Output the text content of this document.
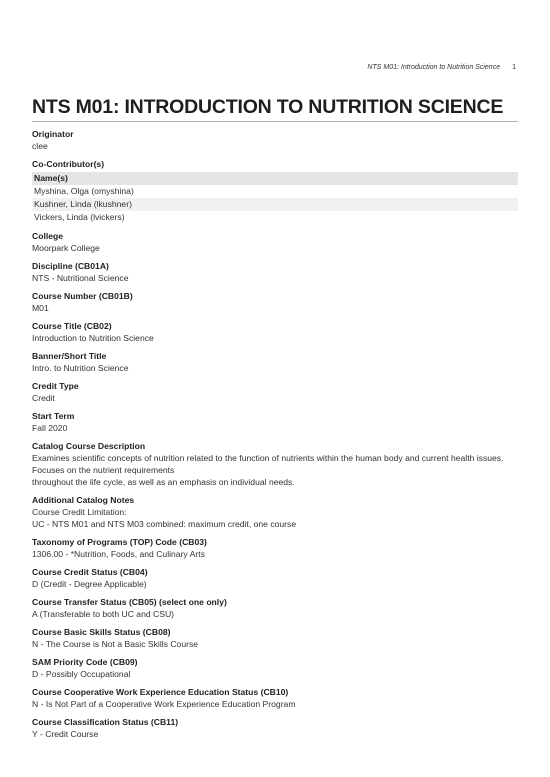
NTS M01: Introduction to Nutrition Science 1
NTS M01: INTRODUCTION TO NUTRITION SCIENCE
Originator
clee
Co-Contributor(s)
Name(s)
Myshina, Olga (omyshina)
Kushner, Linda (lkushner)
Vickers, Linda (lvickers)
College
Moorpark College
Discipline (CB01A)
NTS - Nutritional Science
Course Number (CB01B)
M01
Course Title (CB02)
Introduction to Nutrition Science
Banner/Short Title
Intro. to Nutrition Science
Credit Type
Credit
Start Term
Fall 2020
Catalog Course Description
Examines scientific concepts of nutrition related to the function of nutrients within the human body and current health issues.
Focuses on the nutrient requirements
throughout the life cycle, as well as an emphasis on individual needs.
Additional Catalog Notes
Course Credit Limitation:
UC - NTS M01 and NTS M03 combined: maximum credit, one course
Taxonomy of Programs (TOP) Code (CB03)
1306.00 - *Nutrition, Foods, and Culinary Arts
Course Credit Status (CB04)
D (Credit - Degree Applicable)
Course Transfer Status (CB05) (select one only)
A (Transferable to both UC and CSU)
Course Basic Skills Status (CB08)
N - The Course is Not a Basic Skills Course
SAM Priority Code (CB09)
D - Possibly Occupational
Course Cooperative Work Experience Education Status (CB10)
N - Is Not Part of a Cooperative Work Experience Education Program
Course Classification Status (CB11)
Y - Credit Course
